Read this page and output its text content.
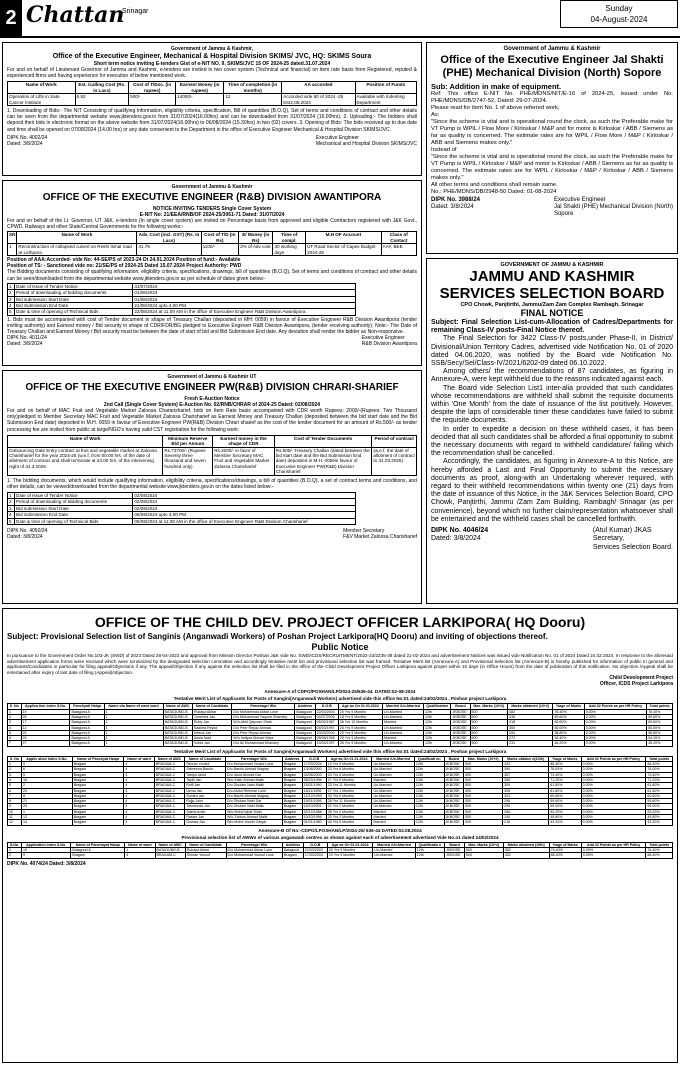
2 Chattan
Srinagar	Sunday
04-August-2024
Government of Jammu & Kashmir,
Office of the Executive Engineer, Mechanical & Hospital Division SKIMS/ JVC, HQ: SKIMS Soura
Short term notice inviting E-tenders Gist of e-NIT NO. 9, SKIMS/JVC 15 OF 2024-25 dated.31.07.2024
For and on behalf of Lieutenant Governor of Jammu and Kashmir, e-tenders are invited in two cover system (Technical and financial) on item rate basis from Registered, reputed & experienced firms and having experience for execution of below mentioned work.
Name of Work	Est. /calling Cost (Rs. in Lacs)	Cost of T/Doc. (in rupees)	Earnest Money (in rupees)	Time of completion (in months)	AA accorded	Position of Funds
Operation of Lifts in Sate Cancer Institute	6.82	500/-	14000/-	12	Accorded vide 60 of 2024 -25 Dt22.05.2024	Available with Indenting Department
1. Downloading of Bids:- The NIT Consisting of qualifying information, eligibility criteria, specification, Bill of quantities (B.O.Q), Set of terms and conditions of contract and other details can be seen from the departmental website www.jktenders.gov.in from 31/07/2024(16.00hrs) and can be downloaded from 31/07/2024 (16.00hrs). 2. Uploading:- The bidders shall deposit their bids in electronic format on the above website from 31/07/2024(16.00hrs) to 06/08/2024 (15.30hrs) in two (02) covers. 3. Opening of Bids: The bids received up to due date and time shall be opened on 07/08/2024 (14.00 hrs) or any date convenient to the Department in the office of Executive Engineer Mechanical & Hospital Division SKIMS/JVC.
DIPK No. 4002/24
Dated: 3/8/2024
Executive Engineer
Mechanical and Hospital Division SKIMS/JVC
Government of Jammu & Kashmir
OFFICE OF THE EXECUTIVE ENGINEER (R&B) DIVISION AWANTIPORA
NOTICE INVITING TENDERS Single Cover System
E-NIT No: 21/EEA/RNB/OF 2024-25/3061-71 Dated: 31/07/2024
For and on behalf of the Lt. Governor, UT J&K, e-tenders (In single cover system) are invited on Percentage basis from approved and eligible Contractors registered with J&K Govt., CPWD, Railways and other State/Central Governments for the following works:-
SN	Name of Work	Adv. Cost (incl. GST) (Rs. In Lacs)	Cost of T/D (In Rs)	E/ Money (in Rs)	Time of compl.	M.H OF Account	Class of Contact
1	Reconstruction of collapsed culvert on Reshi Ismal road at Lethpora.	41.79	1100/-	2% of Adv cost	30 working days	UT Road Sector of Capex Budget 2024-25	AAY, BEE
Position of AAA:Accorded- vide No: 44-SE/PS of 2023-24 Dt 24.01.2024 Position of fund:- Available
Position of TS: - Sanctioned vide no: 21/SE/PS of 2024-25 Dated 15.07.2024 Project Authority: PWD
The Bidding documents consisting of qualifying information, eligibility criteria, specifications, drawings, bill of quantities (B.O.Q), Set of terms and conditions of contract and other details can be seen/downloaded from the departmental website www.jktenders.gov.in as per schedule of dates given below:-
1	Date of Issue of Tender Notice	31/07/2024
2	Period of downloading of bidding documents	01/08/2024
3	Bid submission Start Date	01/08/2024
4	Bid Submission End Date	21/08/2024 upto 4.00 PM.
5	Date & time of opening of Technical Bids	22/08/2024 at 11.00 AM in the office of Executive Engineer R&B Division Awantipora.
1. Bids must be accompanied with cost of Tender document in shape of Treasury Challan (deposited in MH: 0059) in favour of Executive Engineer R&B Division Awantipora (tender inviting authority) and Earnest money / Bid security in shape of CDR/FDR/BG pledged to Executive Engineer R&B Division Awantipora, (tender receiving authority). Note:- The Date of Treasury Challan and Earnest Money / Bid security must be between the date of start of bid and Bid Submission End date. Any deviation shall render the bidder as Non-responsive.
DIPK No. 4011/24
Dated: 3/8/2024
Executive Engineer
R&B Division Awantipora
Government of Jammu & Kashmir UT
OFFICE OF THE EXECUTIVE ENGINEER PW(R&B) DIVISION CHRARI-SHARIEF
Fresh E-Auction Notice
2nd Call (Single Cover System) E-Auction No. 02/RNB/CHRAR of 2024-25 Dated: 02/08/2024
For and on behalf of MAC Fruit and Vegetable Market Zaloosa Chararisharief, bids on Item Rate basis accompanied with CDR worth Rupees: 2000/-(Rupees: Two Thousand only)pledged to Member Secretary MAC Fruit and Vegetable Market Zalossa Charisharief as Earnest Money and Treasury Challan (deposited between the bid start date and the Bid Submission End date) deposited in M.H. 0059 in favour of Executive Engineer PW(R&B) Division Chrari sharief as the cost of the tender document for an amount of Rs.500/- as tender processing fee are invited from public at large/NGO's having valid CST registration for the following work:
Name of Work	Minimum Reserve Bid per Annum	Earnest money in the shape of CDR	Cost of Tender Documents	Period of contract
Outsourcing Gate Entry contract at fruit and vegetable market at Zaloosa Charisharief for the year 2024-25 (w.e.f. from 00.00 hrs. of the date of allotment of contract and shall terminate at 24.00 hrs. of the intervening night of 31.3.2025	Rs.73700/- (Rupees Seventy three thousand and seven hundred only)	Rs.2000/- in favor of Member Secretary MAC Fruit and Vegetable Market Zalossa Charisharief	Rs.500/- Treasury Challan (dated between the bid start date and the Bid Submission End date) deposited in M.H. 0059in favour of Executive Engineer PW(R&B) Division Charisharief	(w.e.f. the date of allotment of contract to 31.03.2025)
1. The bidding documents, which would include qualifying information, eligibility criteria, specifications/drawings, a bill of quantities (B.O.Q), a set of contract terms and conditions, and other details, can be viewed/downloaded from the departmental website www.jktenders.gov.in on the dates listed below:-
1	Date of Issue of Tender Notice	02/08/2024
2	Period of downloading of Bidding documents	02/08/2024
3	Bid submission Start Date	02/08/2024
4	Bid Submission End Date	08/08/2024 upto 4:00 PM.
5	Date & time of opening of Technical Bids	09/08/2024 at 11:30 AM in the office of Executive Engineer R&B Division Charisharief
DIPK No. 4050/24
Dated: 3/8/2024
Member Secretary
F&V Market Zaloosa Charisharief
Government of Jammu & Kashmir
Office of the Executive Engineer Jal Shakti (PHE) Mechanical Division (North) Sopore
Sub: Addition in make of equipment.
Ref: This office E-NIT No. PHE/MDNS/NIT/E-16 of 2024-25, issued under No. PHE/MDNS/DB/2747-52, Dated: 29-07-2024.
Please read for item No. 1 of above referred work,
As:
"Since the scheme is vital and is operational round the clock, as such the Preferable make for VT Pump is WPIL / Flow More / Kirloskar / M&P and for motor is Kirloskar / ABB / Siemens as far as quality is concerned. The estimate rates are for WPIL / Flow More / M&P / Kirloskar / ABB and Siemens makes only."
Instead of
"Since the scheme is vital and is operational round the clock, as such the Preferable make for VT Pump is WPIL / Kirloskar / M&P and motor is Kirloskar / ABB / Siemens as far as quality is concerned. The estimate rates are for WPIL / Kirloskar / M&P / Kirloskar / ABB / Siemens makes only."
All other terms and conditions shall remain same.
No.: PHE/MDNS/DB/2948-50 Dated: 01-08-2024
DIPK No. 3988/24
Dated: 3/8/2024
Executive Engineer
Jal Shakti (PHE) Mechanical Division (North)
Sopore
GOVERNMENT OF JAMMU & KASHMIR
JAMMU AND KASHMIR SERVICES SELECTION BOARD
CPO Chowk, Panjtirthi, Jammu/Zam Zam Complex Rambagh, Srinagar
FINAL NOTICE
Subject: Final Selection List-cum-Allocation of Cadres/Departments for remaining Class-IV posts-Final Notice thereof.
The Final Selection for 3422 Class-IV posts,under Phase-II, in District/ Divisional/Union Territory Cadres, advertised vide Notification No. 01 of 2020 dated 04.06.2020, was notified by the Board vide Notification No. SSB/Secy/Sel/Class-IV/2021/6202-09 dated 06.10.2022.
Among others/ the recommendations of 87 candidates, as figuring in Annexure-A, were kept withheld due to the reasons indicated against each.
The Board vide Selection List1 inter-alia provided that such candidates whose recommendations are withheld shall submit the requisite documents within 'One Month' from the date of issuance of the list positively. However, despite the laps of considerable timer these candidates have failed to submit the requisite documents.
In order to expedite a decision on these withheld cases, it has been decided that all such candidates shall be afforded a final opportunity to submit the necessary documents with regard to withheld candidature/ failing which the recommendation shall be cancelled.
Accordingly, the candidates, as figuring in Annexure-A to this Notice, are hereby afforded a Last and Final Opportunity to submit the necessary documents as proof, along-with an Undertaking wherever required, with regard to their withheld recommendations within twenty one (21) days from the date of issuance of this Notice, in the J&K Services Selection Board, CPO Chowk, Panjtirthi, Jammu /Zam Zam Building, Rambagh/ Srinagar (as per convenience), beyond which no further claim/representation whatsoever shall be entertained and the withheld cases shall be cancelled forthwith.
DIPK No. 4046/24
Dated: 3/8/2024
(Atul Kumar) JKAS
Secretary,
Services Selection Board.
OFFICE OF THE CHILD DEV. PROJECT OFFICER LARKIPORA( HQ Dooru)
Subject: Provisional Selection list of Sanginis (Anganwadi Workers) of Poshan Project Larkipora(HQ Dooru) and inviting of objections thereof.
Public Notice
In pursuance to the Government Order No.103-JK (SWD) of 2023 Dated 28-04-2023 and approval from Mission Director Poshan J&K vide No. SWD/ICDS/RECRUITMENT/2022-23/2235-38 dated 21-02-2024 and advertisement Notices was issued vide Notification No. 01 of 2024 Dated 24.02.2024. In response to the aforesaid advertisement application forms were received which were scrutinized by the designated selection committee and accordingly tentative merit list and provisional selection list was framed. Tentative Merit list (Annexure-A) and Provisional Selection list (Annexure-B) is hereby published for information of public in general and applicants/Candidates in particular for filing appeal/Objections if any. The appeal/Objection if any against the selection list shall be filed in the office of the Child Development Project Officer Larkipora against proper within 10 days (in Office Hours) from the date of publication of this notification. No objection /Appeal shall be entertained after expiry of last date of filing (Appeal)/objection.
Child Development Project
Officer, ICDS Project Larkipora
Annexure-A of CDPO/POSHAN/LP/2024-25/636-44. DATED:02-08-2024
Tentative Merit List of Applicants for Posts of Sangini(Anganwadi Workers) advertised vide this office No:01 dated:24/02/2024 , Poshan project Larkipora
S. No	Applica tion Index S.No.	Panchyat/ Halqa	Name ofa Name of ward ward	Name of AWC	Name of Candidate	Parentage/ W/o	Address	D.O.B	Age as On 01.01.2024	Married /Un-Married	Qualification	Board	Max. Marks (10+2)	Marks obtained (10+2)	%age of Marks	Add 02 Points as per HR Policy	Total points
1	19	Balagund A	1	BATAGUND-B	Rukaya Akbar	D/o Mohammad Akbar Lone	Balagund	22/03/2003	20 Yrs 9 Months	Un-Married	12th	JKBOSE	500	382	76.40%	0.00%	76.40%
2	28	Balagund A	1	BATAGUND-B	Tanzeela Jan	D/o Mohammad Yaqoob Khandey	Balagund	04/07/2005	18 Yrs 5 Months	Un-Married	12th	JKBOSE	500	348	69.60%	0.00%	69.60%
3	17	Balagund A	1	BATAGUND-B	Ruby Jan	W/o Abid Qayoom Shah	Balagund	05/02/1987	36 Yrs 10 Months	Married	12th	JKBOSE	500	318	63.60%	0.00%	63.60%
4	12	Balagund A	1	BATAGUND-B	Nazima Reyaz	D/o Peer Reyaz Ahmad	Balagund	04/03/1997	26 Yrs 9 Months	Un-Married	12th	JKBOSE	500	300	60.00%	0.00%	60.00%
5	25	Balagund A	1	BATAGUND-B	Heena Jan	D/o Peer Reyaz Ahmad	Balagund	20/03/2003	20 Yrs 9 Months	Un-Married	12th	JKBOSE	500	294	58.80%	0.00%	58.80%
6	20	Balagund A	1	BATAGUND-B	Aasia Nabi	W/o Imtiyaz Ahmad Wani	Balagund	05/08/1998	25 Yrs 4 Months	Married	12th	JKBOSE	500	272	54.40%	0.00%	54.40%
7	27	Balagund A	1	BATAGUND-B	Sobia Jan	D/o Ali Mohammad Khandey	Balagund	15/03/1997	26 Yrs 9 Months	Un-Married	12th	JKBOSE	500	231	46.20%	0.00%	46.20%
Tentative Merit List of Applicants for Posts of Sangini(Anganwadi Workers) advertised vide this office No:01 dated:24/02/2024 , Poshan project Larkipora
S. No	Applic ation Index S.No.	Name of Panchyat Halqa	Name of ward	Name of AWC	Name of Candidate	Parentage/ W/o	Address	D.O.B	Age as On 01.01.2024	Married /Un-Married	Qualificati on	Board	Max. Marks (10+2)	Marks obtaine d(10th)	%age of Marks	Add 02 Points as per HR Policy	Total points
1	9	Bragam	4	BRAGAM-C	Simran Yousuf	D/o Mohammad Yousuf Lone	Bragam	17/03/2004	19 Yrs 9 Months	Un-Married	12th	JKBOSE	500	432	86.40%	0.00%	86.40%
2	6	Bragam	4	BRAGAM-C	Sabreena Bashir	D/o Bashir Ahmad Magray	Bragam	13/06/2000	23 Yrs 6 Months	Un-Married	12th	JKBOSE	500	390	78.00%	0.00%	78.00%
3	5	Bragam	4	BRAGAM-C	Tabiya Javid	D/o Javid Ahmad Dar	Bragam	04/08/2003	20 Yrs 4 Months	Un-Married	12th	JKBOSE	500	367	73.40%	0.00%	73.40%
4	16	Bragam	4	BRAGAM-C	Tayib Jan	W/o Zakir Ahmad Malik	Bragam	06/03/1996	27 Yrs 9 Months	Married	12th	JKBOSE	500	356	71.20%	0.00%	71.20%
5	2	Bragam	4	BRAGAM-C	Ruifi Jan	D/o Ghulam Nabi Malik	Bragam	15/01/1990	33 Yrs 11 Months	Un-Married	12th	JKBOSE	500	309	61.80%	0.00%	61.80%
6	23	Bragam	4	BRAGAM-C	Uzma Jan	D/o Abdul Rehman Lone	Bragam	15/11/1996	27 Yrs 1 Months	Un-Married	12th	JKBOSE	500	308	61.60%	0.00%	61.60%
7	8	Bragam	4	BRAGAM-C	Sumira Jan	D/o Bashir Ahmad Magray	Bragam	12/12/1993	30 Yrs 0 Months	Un-Married	12th	JKBOSE	500	303	60.60%	0.00%	60.60%
8	21	Bragam	4	BRAGAM-C	Rujja John	D/o Ghulam Nabi Dar	Bragam	19/01/1995	28 Yrs 11 Months	Un-Married	12th	JKBOSE	500	298	59.60%	0.00%	59.60%
9	25	Bragam	4	BRAGAM-C	Tahmeeda Jan	D/o Ghulam Nabi Malik	Bragam	15/10/2001	22 Yrs 2 Months	Un-Married	12th	JKBOSE	500	295	59.00%	0.00%	59.00%
10	1	Bragam	4	BRAGAM-C	Saima Amin	W/o Mohd Iqbal Shah	Bragam	02/12/1988	35 Yrs 0 Months	Married	12th	JKBOSE	500	266	53.20%	0.00%	53.20%
11	13	Bragam	4	BRAGAM-C	Rasiee Jan	W/o Zahoor Ahmad Malik	Bragam	10/10/1996	25 Yrs 2 Months	Married	12th	JKBOSE	500	249	49.80%	0.00%	49.80%
12	14	Bragam	4	BRAGAM-C	Gowsia Jan	W/o Mohd Younis Zargar	Bragam	01/01/1980	44 Yrs 0 Months	Married	12th	JKBOSE	500	216	43.20%	0.00%	43.20%
Annexure-B Of No:-CDPO/LPOSHAN/LP/2024-25/ 636-44 DATED:02.08.2024
Provisional selection list of AWWs of various anganwadi centres as shown against each of advertisement advertised Vide No.o1 dated 24/02/2024
S.No.	Application Index S.No.	Name of Panchayat Halqa	Name of ward	Name of AWC	Name of Candidate	Parentage/ W/o	Address	D.O.B	Age as On 01.01.2024	Married /Un-Married	Qualificatio n	Board	Max. Marks (10+2)	Marks obtained (10th)	%age of Marks	Add 02 Points as per HR Policy	Total points
1	19	Balagund A	1	BATAGUND-B	Rukaya Akbar	D/o Mohammad Akbar Lone	Balagund	22/03/2003	20 Yrs 9 Months	Un-Married	12th	JKBOSE	500	382	76.40%	0.00%	76.40%
2	9	Bragam	4	BRAGAM-C	Simran Yousuf	D/o Mohammad Yousuf Lone	Bragam	17/03/2004	19 Yrs 9 Months	Un-Married	12th	JKBOSE	500	432	86.40%	0.00%	86.40%
DIPK No. 4074/24 Dated: 3/8/2024
